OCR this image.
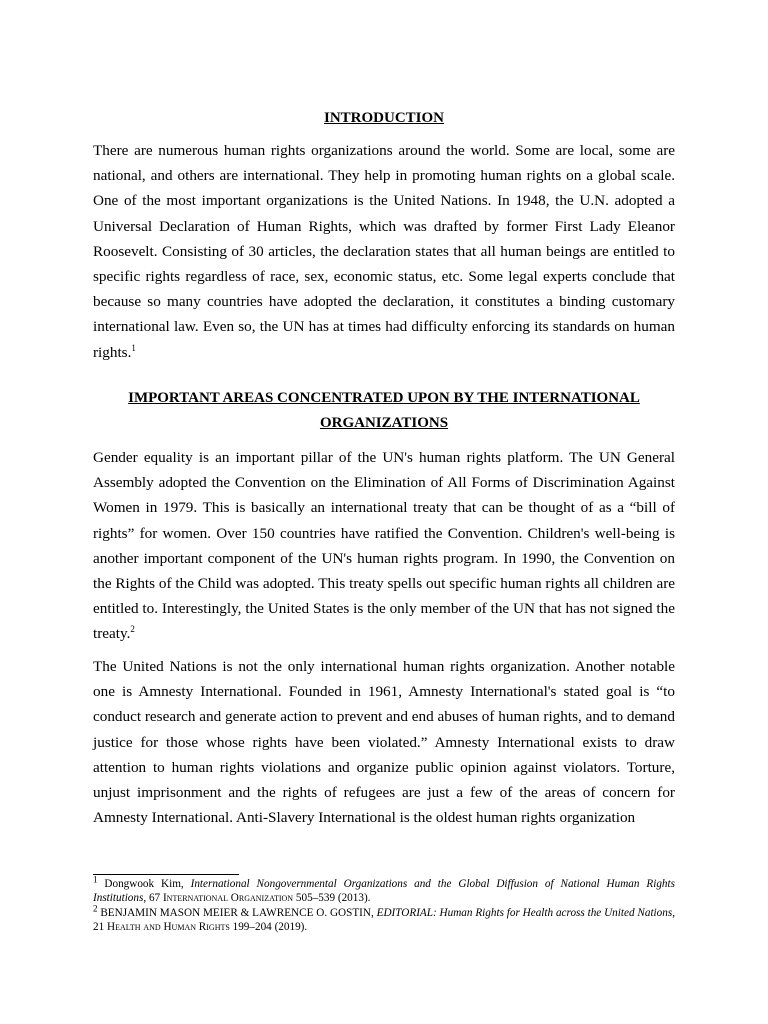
INTRODUCTION

There are numerous human rights organizations around the world. Some are local, some are national, and others are international. They help in promoting human rights on a global scale. One of the most important organizations is the United Nations. In 1948, the U.N. adopted a Universal Declaration of Human Rights, which was drafted by former First Lady Eleanor Roosevelt. Consisting of 30 articles, the declaration states that all human beings are entitled to specific rights regardless of race, sex, economic status, etc. Some legal experts conclude that because so many countries have adopted the declaration, it constitutes a binding customary international law. Even so, the UN has at times had difficulty enforcing its standards on human rights.$^1$

IMPORTANT AREAS CONCENTRATED UPON BY THE INTERNATIONAL ORGANIZATIONS

Gender equality is an important pillar of the UN's human rights platform. The UN General Assembly adopted the Convention on the Elimination of All Forms of Discrimination Against Women in 1979. This is basically an international treaty that can be thought of as a “bill of rights” for women. Over 150 countries have ratified the Convention. Children's well-being is another important component of the UN's human rights program. In 1990, the Convention on the Rights of the Child was adopted. This treaty spells out specific human rights all children are entitled to. Interestingly, the United States is the only member of the UN that has not signed the treaty.$^2$

The United Nations is not the only international human rights organization. Another notable one is Amnesty International. Founded in 1961, Amnesty International's stated goal is “to conduct research and generate action to prevent and end abuses of human rights, and to demand justice for those whose rights have been violated.” Amnesty International exists to draw attention to human rights violations and organize public opinion against violators. Torture, unjust imprisonment and the rights of refugees are just a few of the areas of concern for Amnesty International. Anti-Slavery International is the oldest human rights organization

$^1$ Dongwook Kim, International Nongovernmental Organizations and the Global Diffusion of National Human Rights Institutions, 67 International Organization 505–539 (2013).

$^2$ BENJAMIN MASON MEIER & LAWRENCE O. GOSTIN, EDITORIAL: Human Rights for Health across the United Nations, 21 Health and Human Rights 199–204 (2019).
